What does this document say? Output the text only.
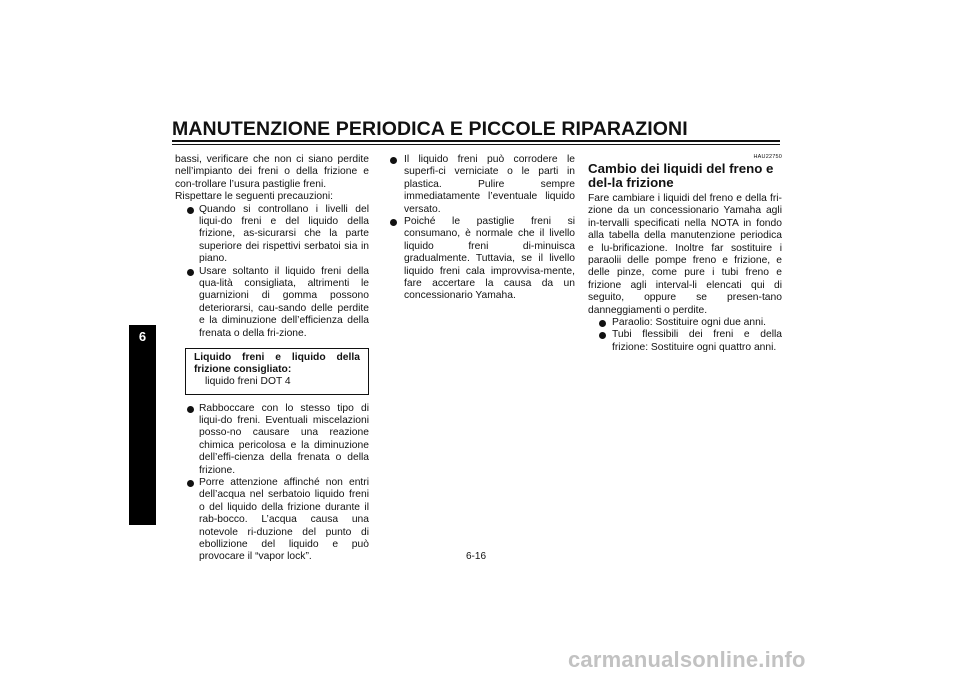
MANUTENZIONE PERIODICA E PICCOLE RIPARAZIONI
6

bassi, verificare che non ci siano perdite nell’impianto dei freni o della frizione e con-trollare l’usura pastiglie freni.

Rispettare le seguenti precauzioni:

Quando si controllano i livelli del liqui-do freni e del liquido della frizione, as-sicurarsi che la parte superiore dei rispettivi serbatoi sia in piano.
Usare soltanto il liquido freni della qua-lità consigliata, altrimenti le guarnizioni di gomma possono deteriorarsi, cau-sando delle perdite e la diminuzione dell’efficienza della frenata o della fri-zione.
Liquido freni e liquido della frizione consigliato:
liquido freni DOT 4
Rabboccare con lo stesso tipo di liqui-do freni. Eventuali miscelazioni posso-no causare una reazione chimica pericolosa e la diminuzione dell’effi-cienza della frenata o della frizione.
Porre attenzione affinché non entri dell’acqua nel serbatoio liquido freni o del liquido della frizione durante il rab-bocco. L’acqua causa una notevole ri-duzione del punto di ebollizione del liquido e può provocare il “vapor lock”.
Il liquido freni può corrodere le superfi-ci verniciate o le parti in plastica. Pulire sempre immediatamente l’eventuale liquido versato.
Poiché le pastiglie freni si consumano, è normale che il livello liquido freni di-minuisca gradualmente. Tuttavia, se il livello liquido freni cala improvvisa-mente, fare accertare la causa da un concessionario Yamaha.
HAU22750
Cambio dei liquidi del freno e del-la frizione

Fare cambiare i liquidi del freno e della fri-zione da un concessionario Yamaha agli in-tervalli specificati nella NOTA in fondo alla tabella della manutenzione periodica e lu-brificazione. Inoltre far sostituire i paraolii delle pompe freno e frizione, e delle pinze, come pure i tubi freno e frizione agli interval-li elencati qui di seguito, oppure se presen-tano danneggiamenti o perdite.

Paraolio: Sostituire ogni due anni.
Tubi flessibili dei freni e della frizione: Sostituire ogni quattro anni.
6-16
carmanualsonline.info
